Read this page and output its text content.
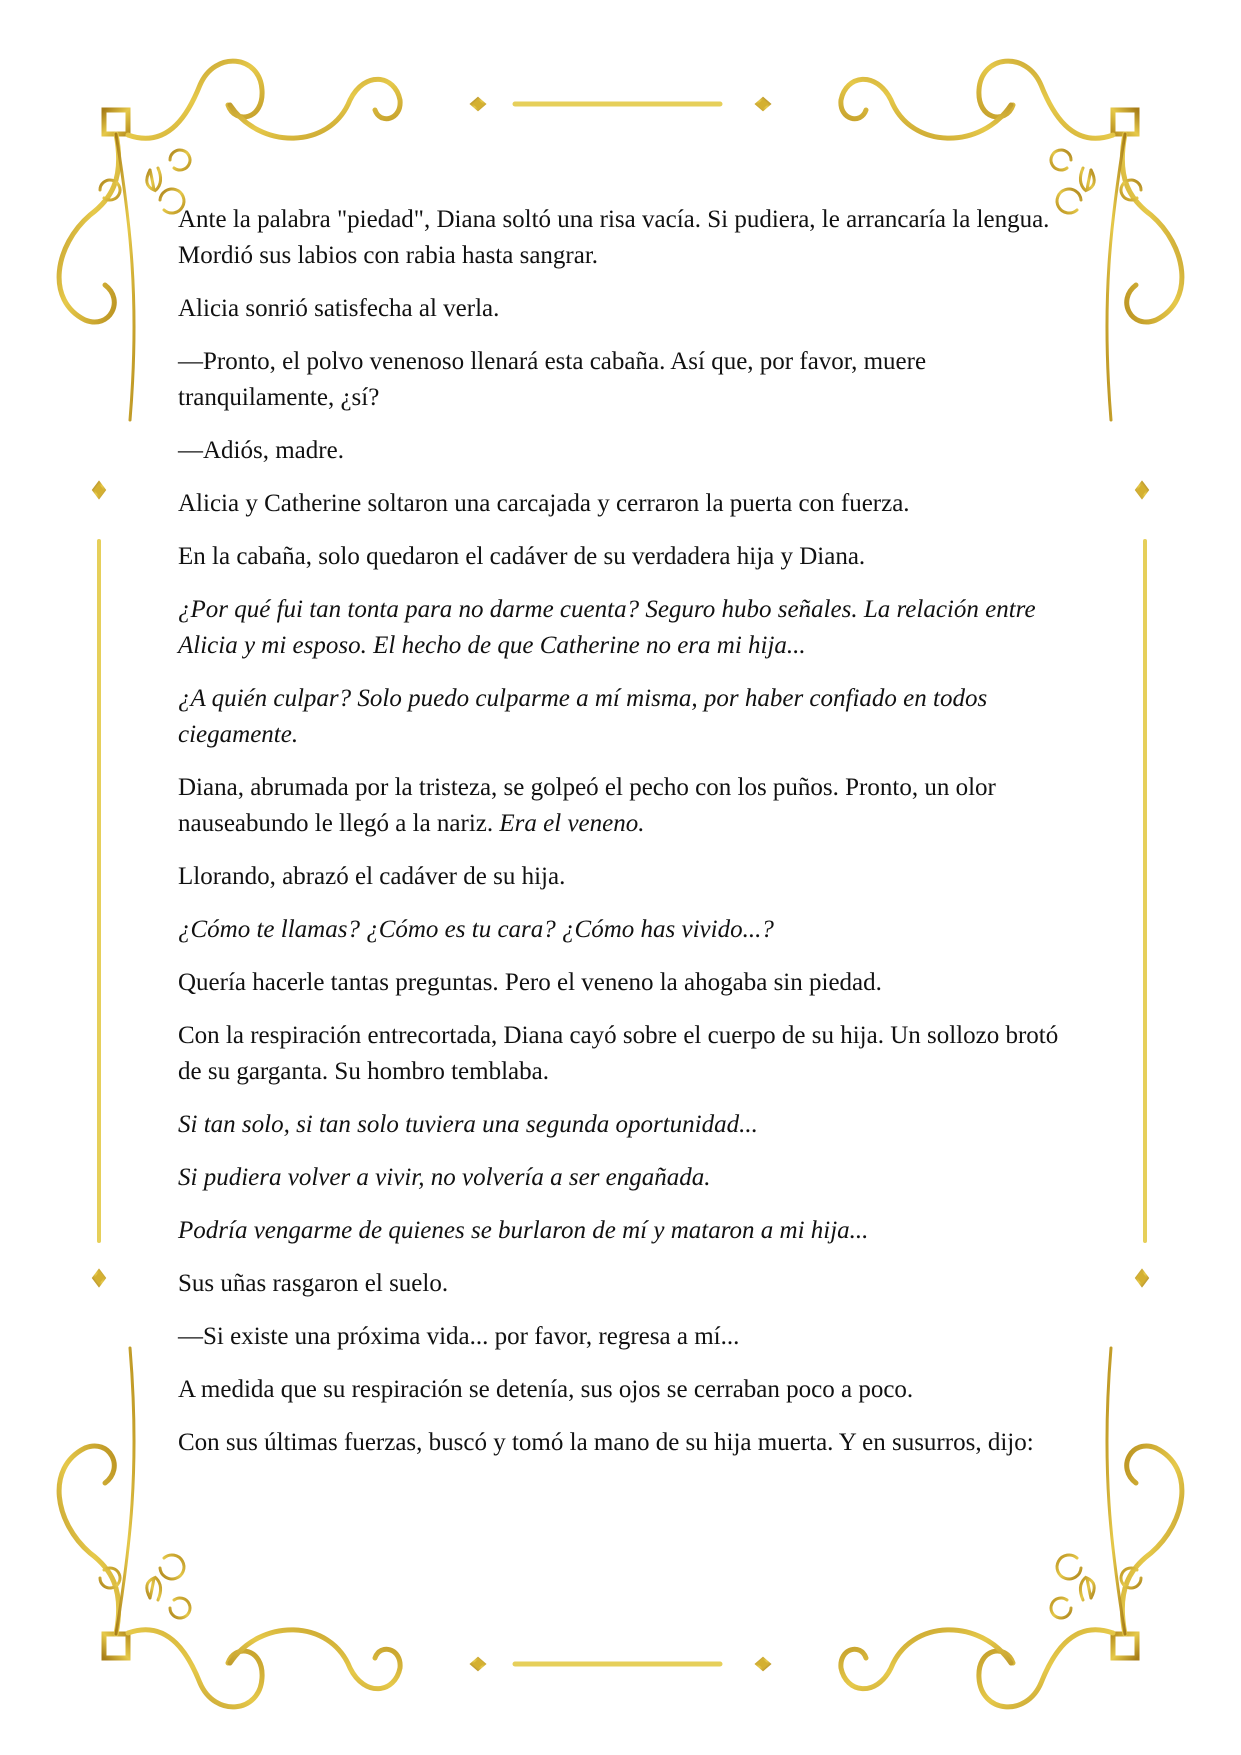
Ante la palabra "piedad", Diana soltó una risa vacía. Si pudiera, le arrancaría la lengua. Mordió sus labios con rabia hasta sangrar.

Alicia sonrió satisfecha al verla.

—Pronto, el polvo venenoso llenará esta cabaña. Así que, por favor, muere tranquilamente, ¿sí?

—Adiós, madre.

Alicia y Catherine soltaron una carcajada y cerraron la puerta con fuerza.

En la cabaña, solo quedaron el cadáver de su verdadera hija y Diana.

¿Por qué fui tan tonta para no darme cuenta? Seguro hubo señales. La relación entre Alicia y mi esposo. El hecho de que Catherine no era mi hija...

¿A quién culpar? Solo puedo culparme a mí misma, por haber confiado en todos ciegamente.

Diana, abrumada por la tristeza, se golpeó el pecho con los puños. Pronto, un olor nauseabundo le llegó a la nariz. Era el veneno.

Llorando, abrazó el cadáver de su hija.

¿Cómo te llamas? ¿Cómo es tu cara? ¿Cómo has vivido...?

Quería hacerle tantas preguntas. Pero el veneno la ahogaba sin piedad.

Con la respiración entrecortada, Diana cayó sobre el cuerpo de su hija. Un sollozo brotó de su garganta. Su hombro temblaba.

Si tan solo, si tan solo tuviera una segunda oportunidad...

Si pudiera volver a vivir, no volvería a ser engañada.

Podría vengarme de quienes se burlaron de mí y mataron a mi hija...

Sus uñas rasgaron el suelo.

—Si existe una próxima vida... por favor, regresa a mí...

A medida que su respiración se detenía, sus ojos se cerraban poco a poco.

Con sus últimas fuerzas, buscó y tomó la mano de su hija muerta. Y en susurros, dijo:
